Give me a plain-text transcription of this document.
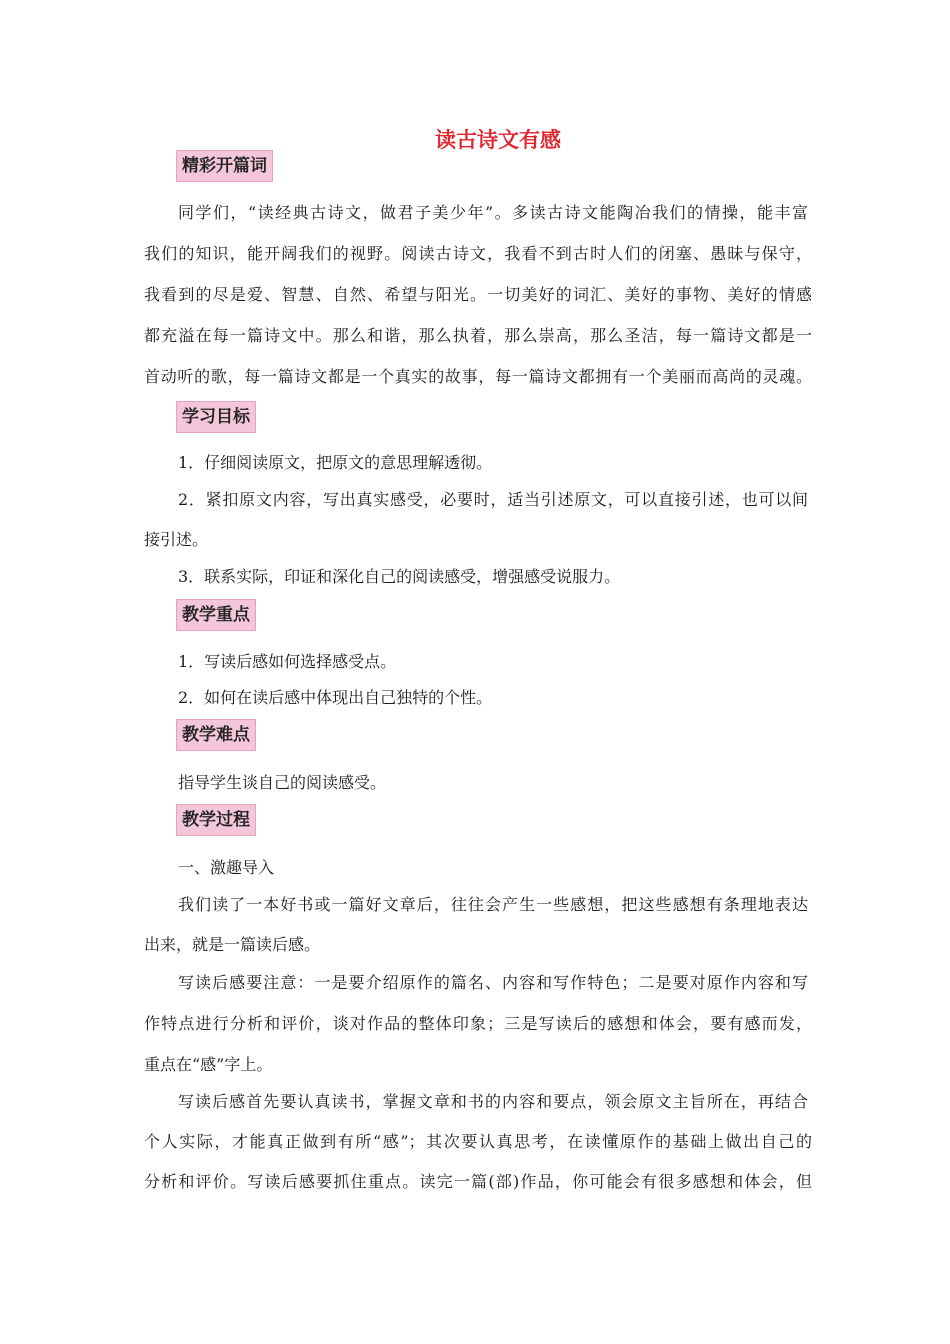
读古诗文有感
精彩开篇词
同学们，“读经典古诗文，做君子美少年”。多读古诗文能陶冶我们的情操，能丰富
我们的知识，能开阔我们的视野。阅读古诗文，我看不到古时人们的闭塞、愚昧与保守，
我看到的尽是爱、智慧、自然、希望与阳光。一切美好的词汇、美好的事物、美好的情感
都充溢在每一篇诗文中。那么和谐，那么执着，那么崇高，那么圣洁，每一篇诗文都是一
首动听的歌，每一篇诗文都是一个真实的故事，每一篇诗文都拥有一个美丽而高尚的灵魂。
学习目标
1．仔细阅读原文，把原文的意思理解透彻。
2．紧扣原文内容，写出真实感受，必要时，适当引述原文，可以直接引述，也可以间
接引述。
3．联系实际，印证和深化自己的阅读感受，增强感受说服力。
教学重点
1．写读后感如何选择感受点。
2．如何在读后感中体现出自己独特的个性。
教学难点
指导学生谈自己的阅读感受。
教学过程
一、激趣导入
我们读了一本好书或一篇好文章后，往往会产生一些感想，把这些感想有条理地表达
出来，就是一篇读后感。
写读后感要注意：一是要介绍原作的篇名、内容和写作特色；二是要对原作内容和写
作特点进行分析和评价，谈对作品的整体印象；三是写读后的感想和体会，要有感而发，
重点在“感”字上。
写读后感首先要认真读书，掌握文章和书的内容和要点，领会原文主旨所在，再结合
个人实际，才能真正做到有所“感”；其次要认真思考，在读懂原作的基础上做出自己的
分析和评价。写读后感要抓住重点。读完一篇(部)作品，你可能会有很多感想和体会，但
